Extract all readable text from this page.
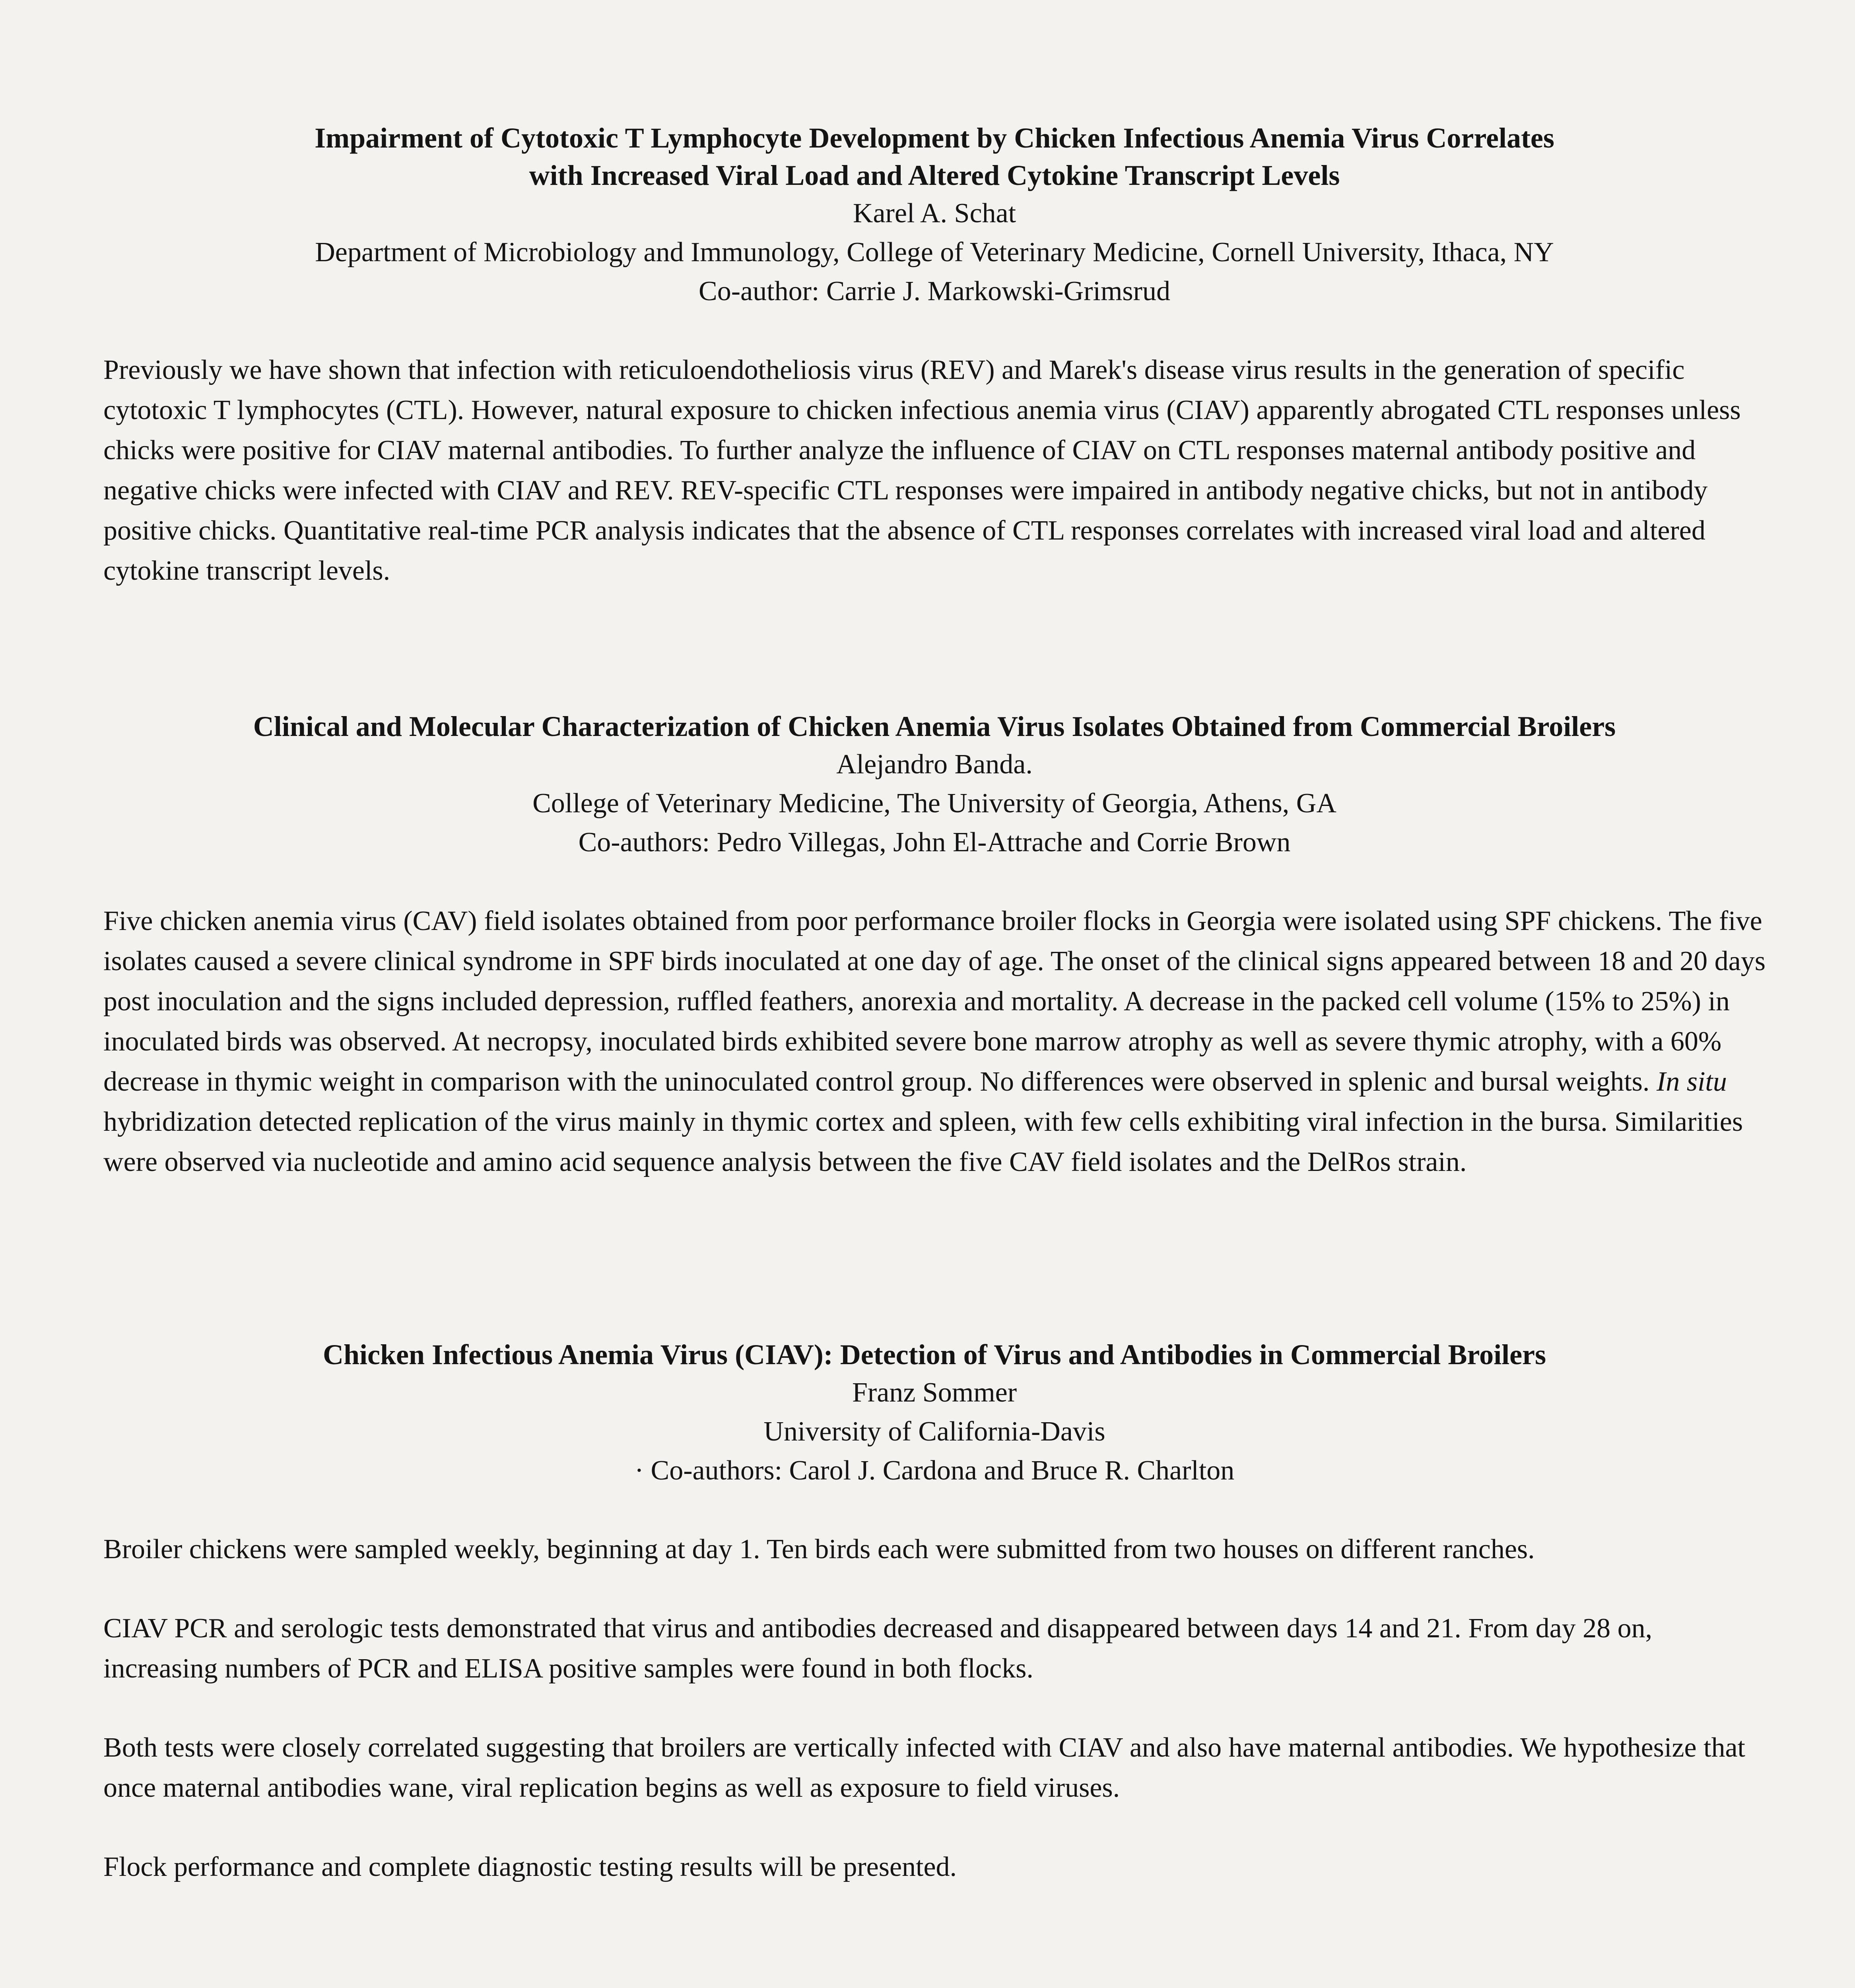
Impairment of Cytotoxic T Lymphocyte Development by Chicken Infectious Anemia Virus Correlates
with Increased Viral Load and Altered Cytokine Transcript Levels

Karel A. Schat

Department of Microbiology and Immunology, College of Veterinary Medicine, Cornell University, Ithaca, NY

Co-author: Carrie J. Markowski-Grimsrud

Previously we have shown that infection with reticuloendotheliosis virus (REV) and Marek's disease virus results in the generation of specific cytotoxic T lymphocytes (CTL). However, natural exposure to chicken infectious anemia virus (CIAV) apparently abrogated CTL responses unless chicks were positive for CIAV maternal antibodies. To further analyze the influence of CIAV on CTL responses maternal antibody positive and negative chicks were infected with CIAV and REV. REV-specific CTL responses were impaired in antibody negative chicks, but not in antibody positive chicks. Quantitative real-time PCR analysis indicates that the absence of CTL responses correlates with increased viral load and altered cytokine transcript levels.

Clinical and Molecular Characterization of Chicken Anemia Virus Isolates Obtained from Commercial Broilers

Alejandro Banda.

College of Veterinary Medicine, The University of Georgia, Athens, GA

Co-authors: Pedro Villegas, John El-Attrache and Corrie Brown

Five chicken anemia virus (CAV) field isolates obtained from poor performance broiler flocks in Georgia were isolated using SPF chickens. The five isolates caused a severe clinical syndrome in SPF birds inoculated at one day of age. The onset of the clinical signs appeared between 18 and 20 days post inoculation and the signs included depression, ruffled feathers, anorexia and mortality. A decrease in the packed cell volume (15% to 25%) in inoculated birds was observed. At necropsy, inoculated birds exhibited severe bone marrow atrophy as well as severe thymic atrophy, with a 60% decrease in thymic weight in comparison with the uninoculated control group. No differences were observed in splenic and bursal weights. In situ hybridization detected replication of the virus mainly in thymic cortex and spleen, with few cells exhibiting viral infection in the bursa. Similarities were observed via nucleotide and amino acid sequence analysis between the five CAV field isolates and the DelRos strain.

Chicken Infectious Anemia Virus (CIAV): Detection of Virus and Antibodies in Commercial Broilers

Franz Sommer

University of California-Davis

· Co-authors: Carol J. Cardona and Bruce R. Charlton

Broiler chickens were sampled weekly, beginning at day 1. Ten birds each were submitted from two houses on different ranches.

CIAV PCR and serologic tests demonstrated that virus and antibodies decreased and disappeared between days 14 and 21. From day 28 on, increasing numbers of PCR and ELISA positive samples were found in both flocks.

Both tests were closely correlated suggesting that broilers are vertically infected with CIAV and also have maternal antibodies. We hypothesize that once maternal antibodies wane, viral replication begins as well as exposure to field viruses.

Flock performance and complete diagnostic testing results will be presented.
